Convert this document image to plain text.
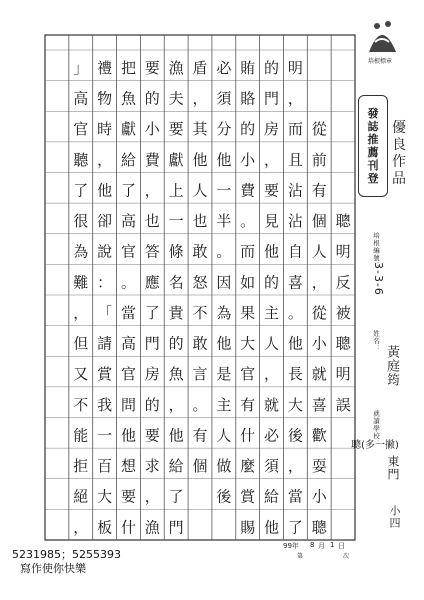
聰
明
反
被
聰
明
誤
聰(多一撇)
從
前
有
個
人
，
從
小
就
喜
歡
耍
小
聰
明
，
而
且
沾
沾
自
喜
。
他
長
大
後
，
當
了
的
門
房
，
要
見
他
的
主
人
，
就
必
須
給
他
賄
賂
的
小
費
。
而
如
果
大
官
有
什
麼
賞
賜
必
須
分
他
一
半
。
因
為
他
是
主
人
做
後
盾
，
其
他
人
也
敢
怒
不
敢
言
。
有
個
漁
夫
要
獻
上
一
條
名
貴
的
魚
，
他
給
了
門
要
的
小
費
，
也
答
應
了
門
房
的
要
求
，
漁
把
魚
獻
給
了
高
官
。
當
高
官
問
他
想
要
什
禮
物
時
，
他
卻
說
：
「
請
賞
我
一
百
大
板
」
高
官
聽
了
很
為
難
，
但
又
不
能
拒
絕
，
培根標章
發
誌
推
薦
刊
登
優良作品
培根編號：
3-3-6
姓名：
黃庭筠
就讀學校：
東門
小四
5231985；5255393
寫作使你快樂
99年 8 月 1 日
第	次
